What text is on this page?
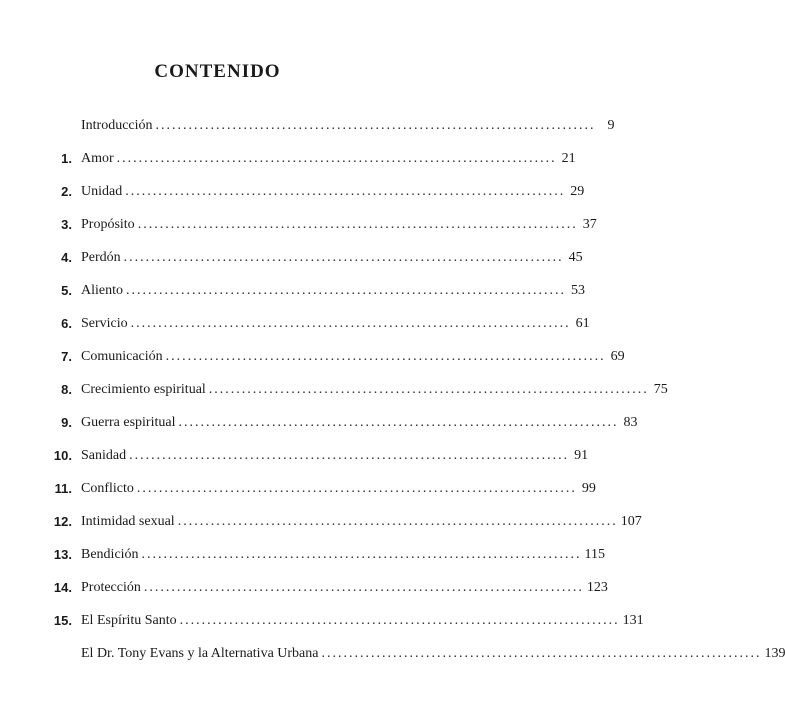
CONTENIDO
Introducción ................................................................................ 9
1. Amor ................................................................................ 21
2. Unidad ................................................................................ 29
3. Propósito ................................................................................ 37
4. Perdón ................................................................................ 45
5. Aliento ................................................................................ 53
6. Servicio ................................................................................ 61
7. Comunicación ................................................................................ 69
8. Crecimiento espiritual ................................................................................ 75
9. Guerra espiritual ................................................................................ 83
10. Sanidad ................................................................................ 91
11. Conflicto ................................................................................ 99
12. Intimidad sexual ................................................................................ 107
13. Bendición ................................................................................ 115
14. Protección ................................................................................ 123
15. El Espíritu Santo ................................................................................ 131
El Dr. Tony Evans y la Alternativa Urbana ................................................................................ 139
